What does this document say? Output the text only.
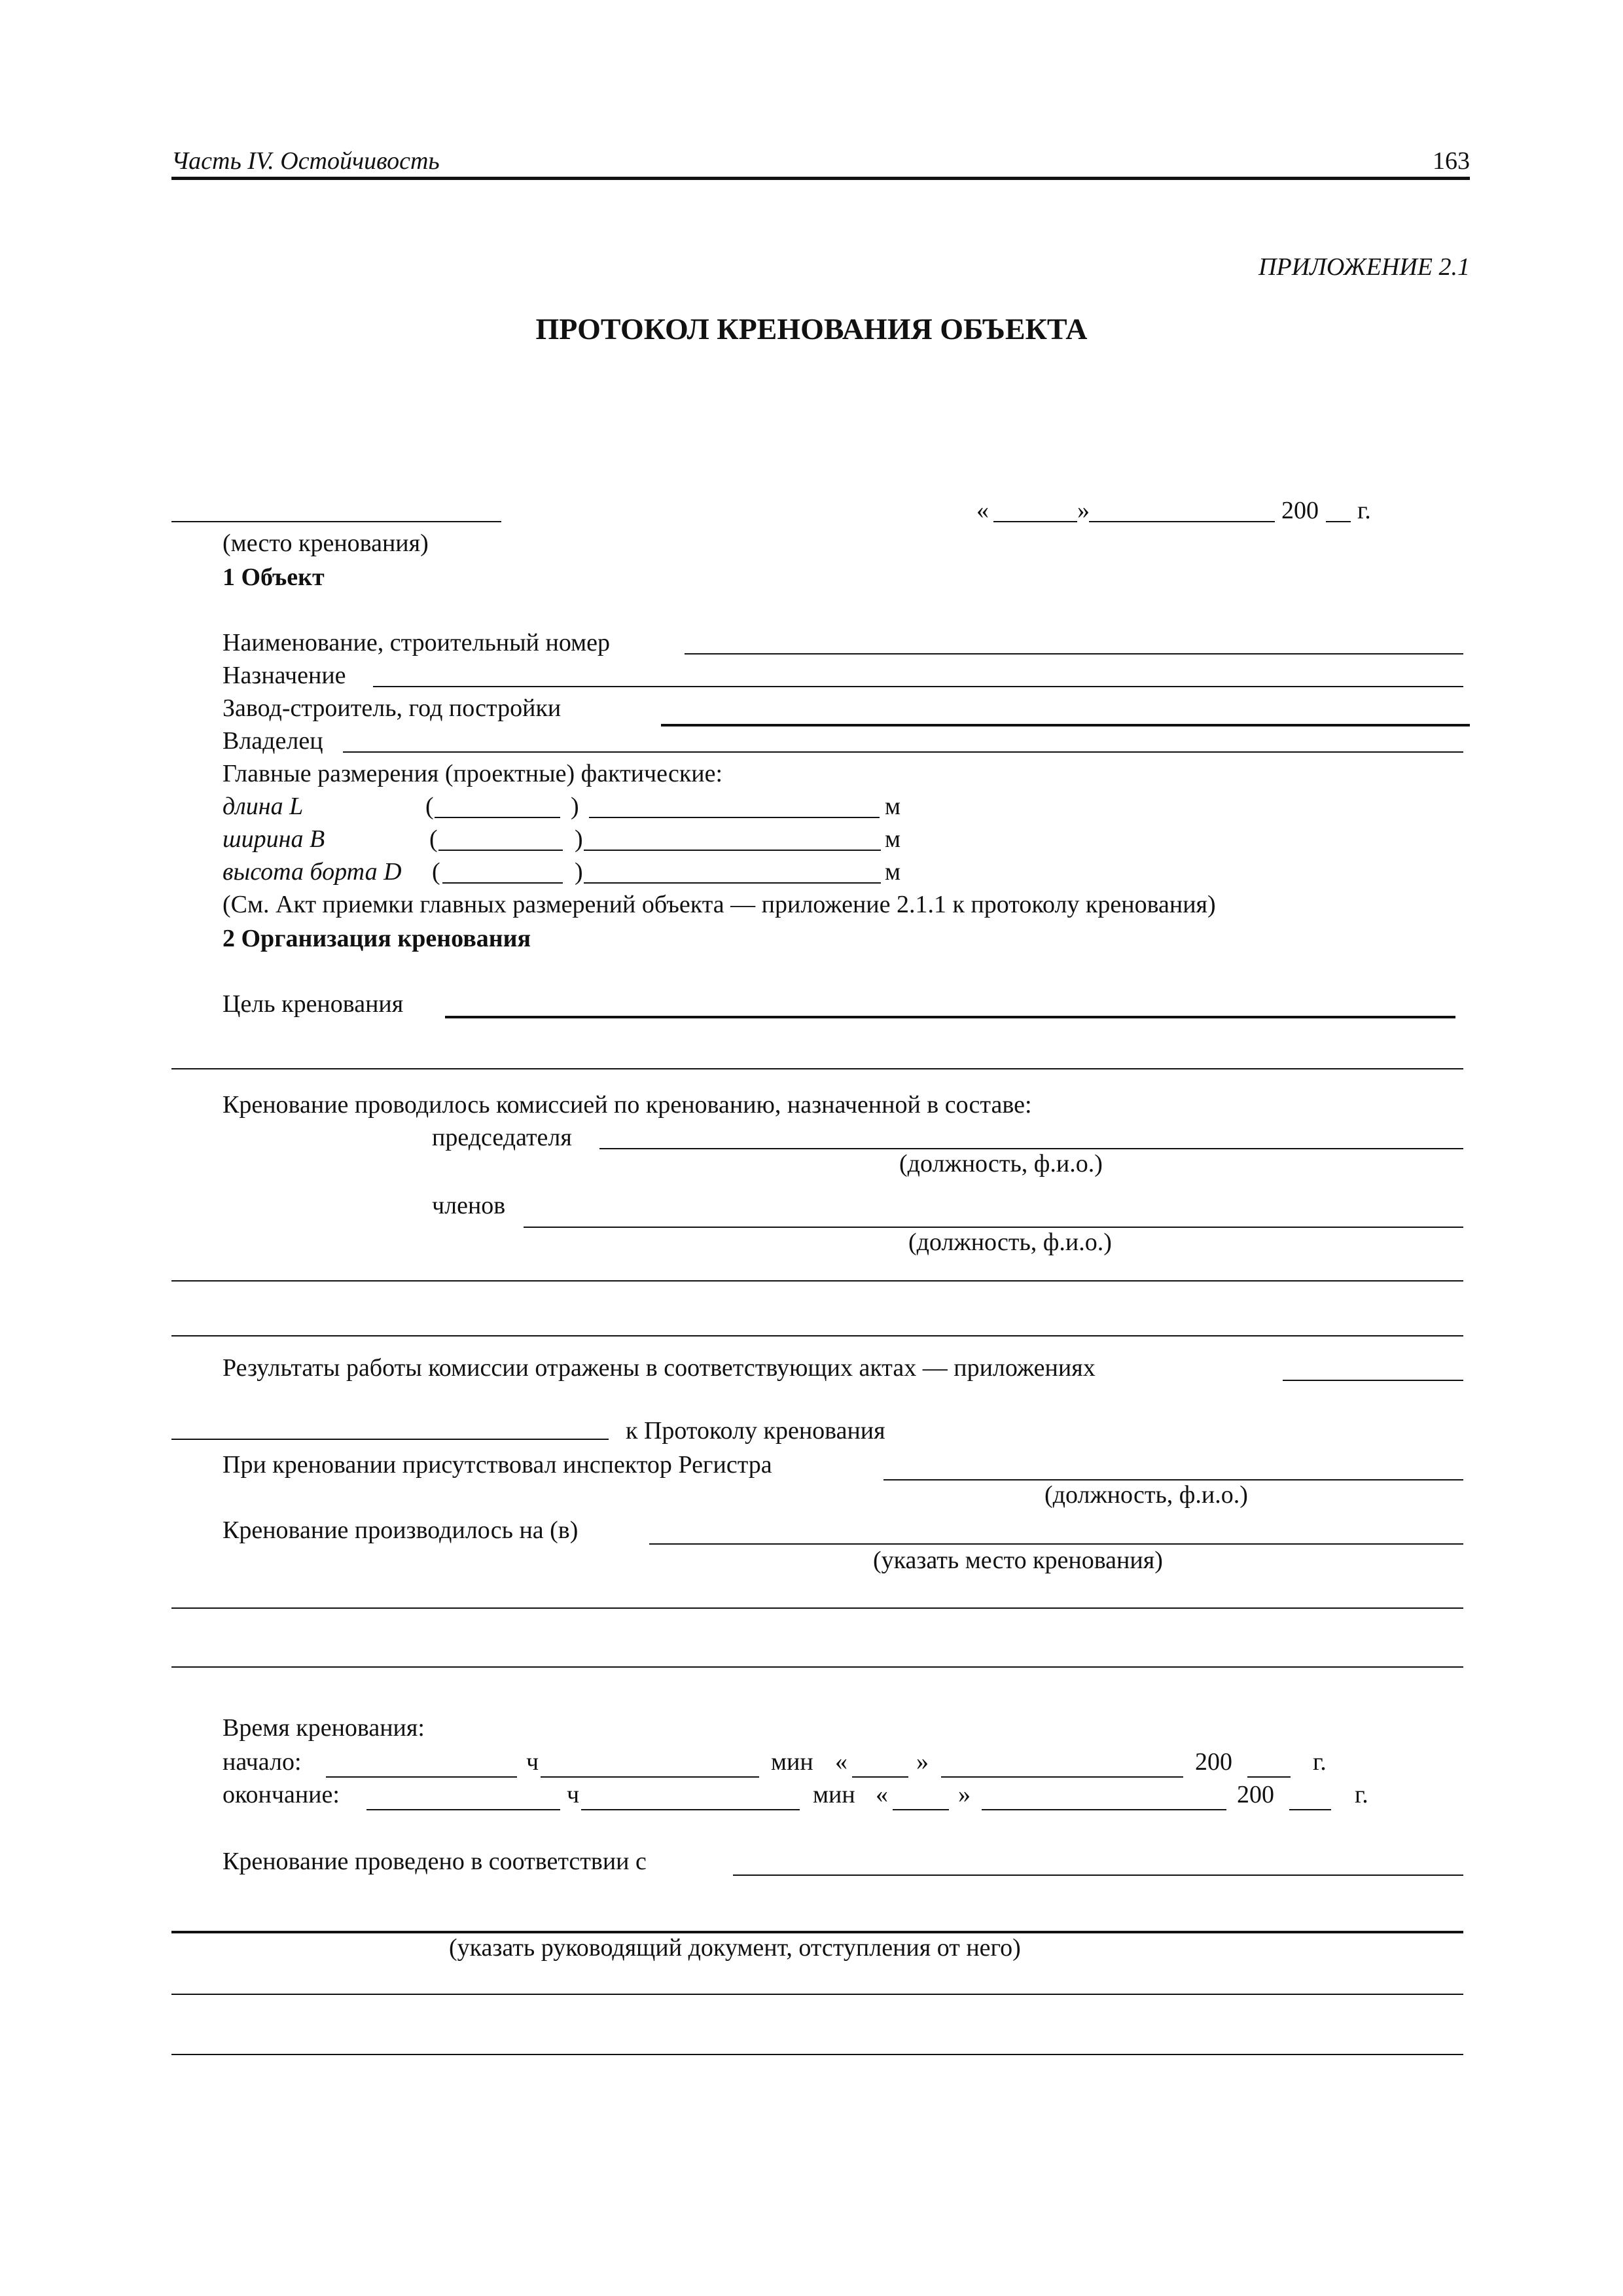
Часть IV. Остойчивость	163
ПРИЛОЖЕНИЕ 2.1
ПРОТОКОЛ КРЕНОВАНИЯ ОБЪЕКТА
«	»	200 г.
(место кренования)
1 Объект
Наименование, строительный номер
Назначение
Завод-строитель, год постройки
Владелец
Главные размерения (проектные) фактические:
длина L	(	)	м
ширина B	(	)	м
высота борта D (	)	м
(См. Акт приемки главных размерений объекта — приложение 2.1.1 к протоколу кренования)
2 Организация кренования
Цель кренования
Кренование проводилось комиссией по кренованию, назначенной в составе:
председателя
(должность, ф.и.о.)
членов
(должность, ф.и.о.)
Результаты работы комиссии отражены в соответствующих актах — приложениях
к Протоколу кренования
При креновании присутствовал инспектор Регистра
(должность, ф.и.о.)
Кренование производилось на (в)
(указать место кренования)
Время кренования:
начало:	ч	мин «	»	200	г.
окончание:	ч	мин «	»	200	г.
Кренование проведено в соответствии с
(указать руководящий документ, отступления от него)
